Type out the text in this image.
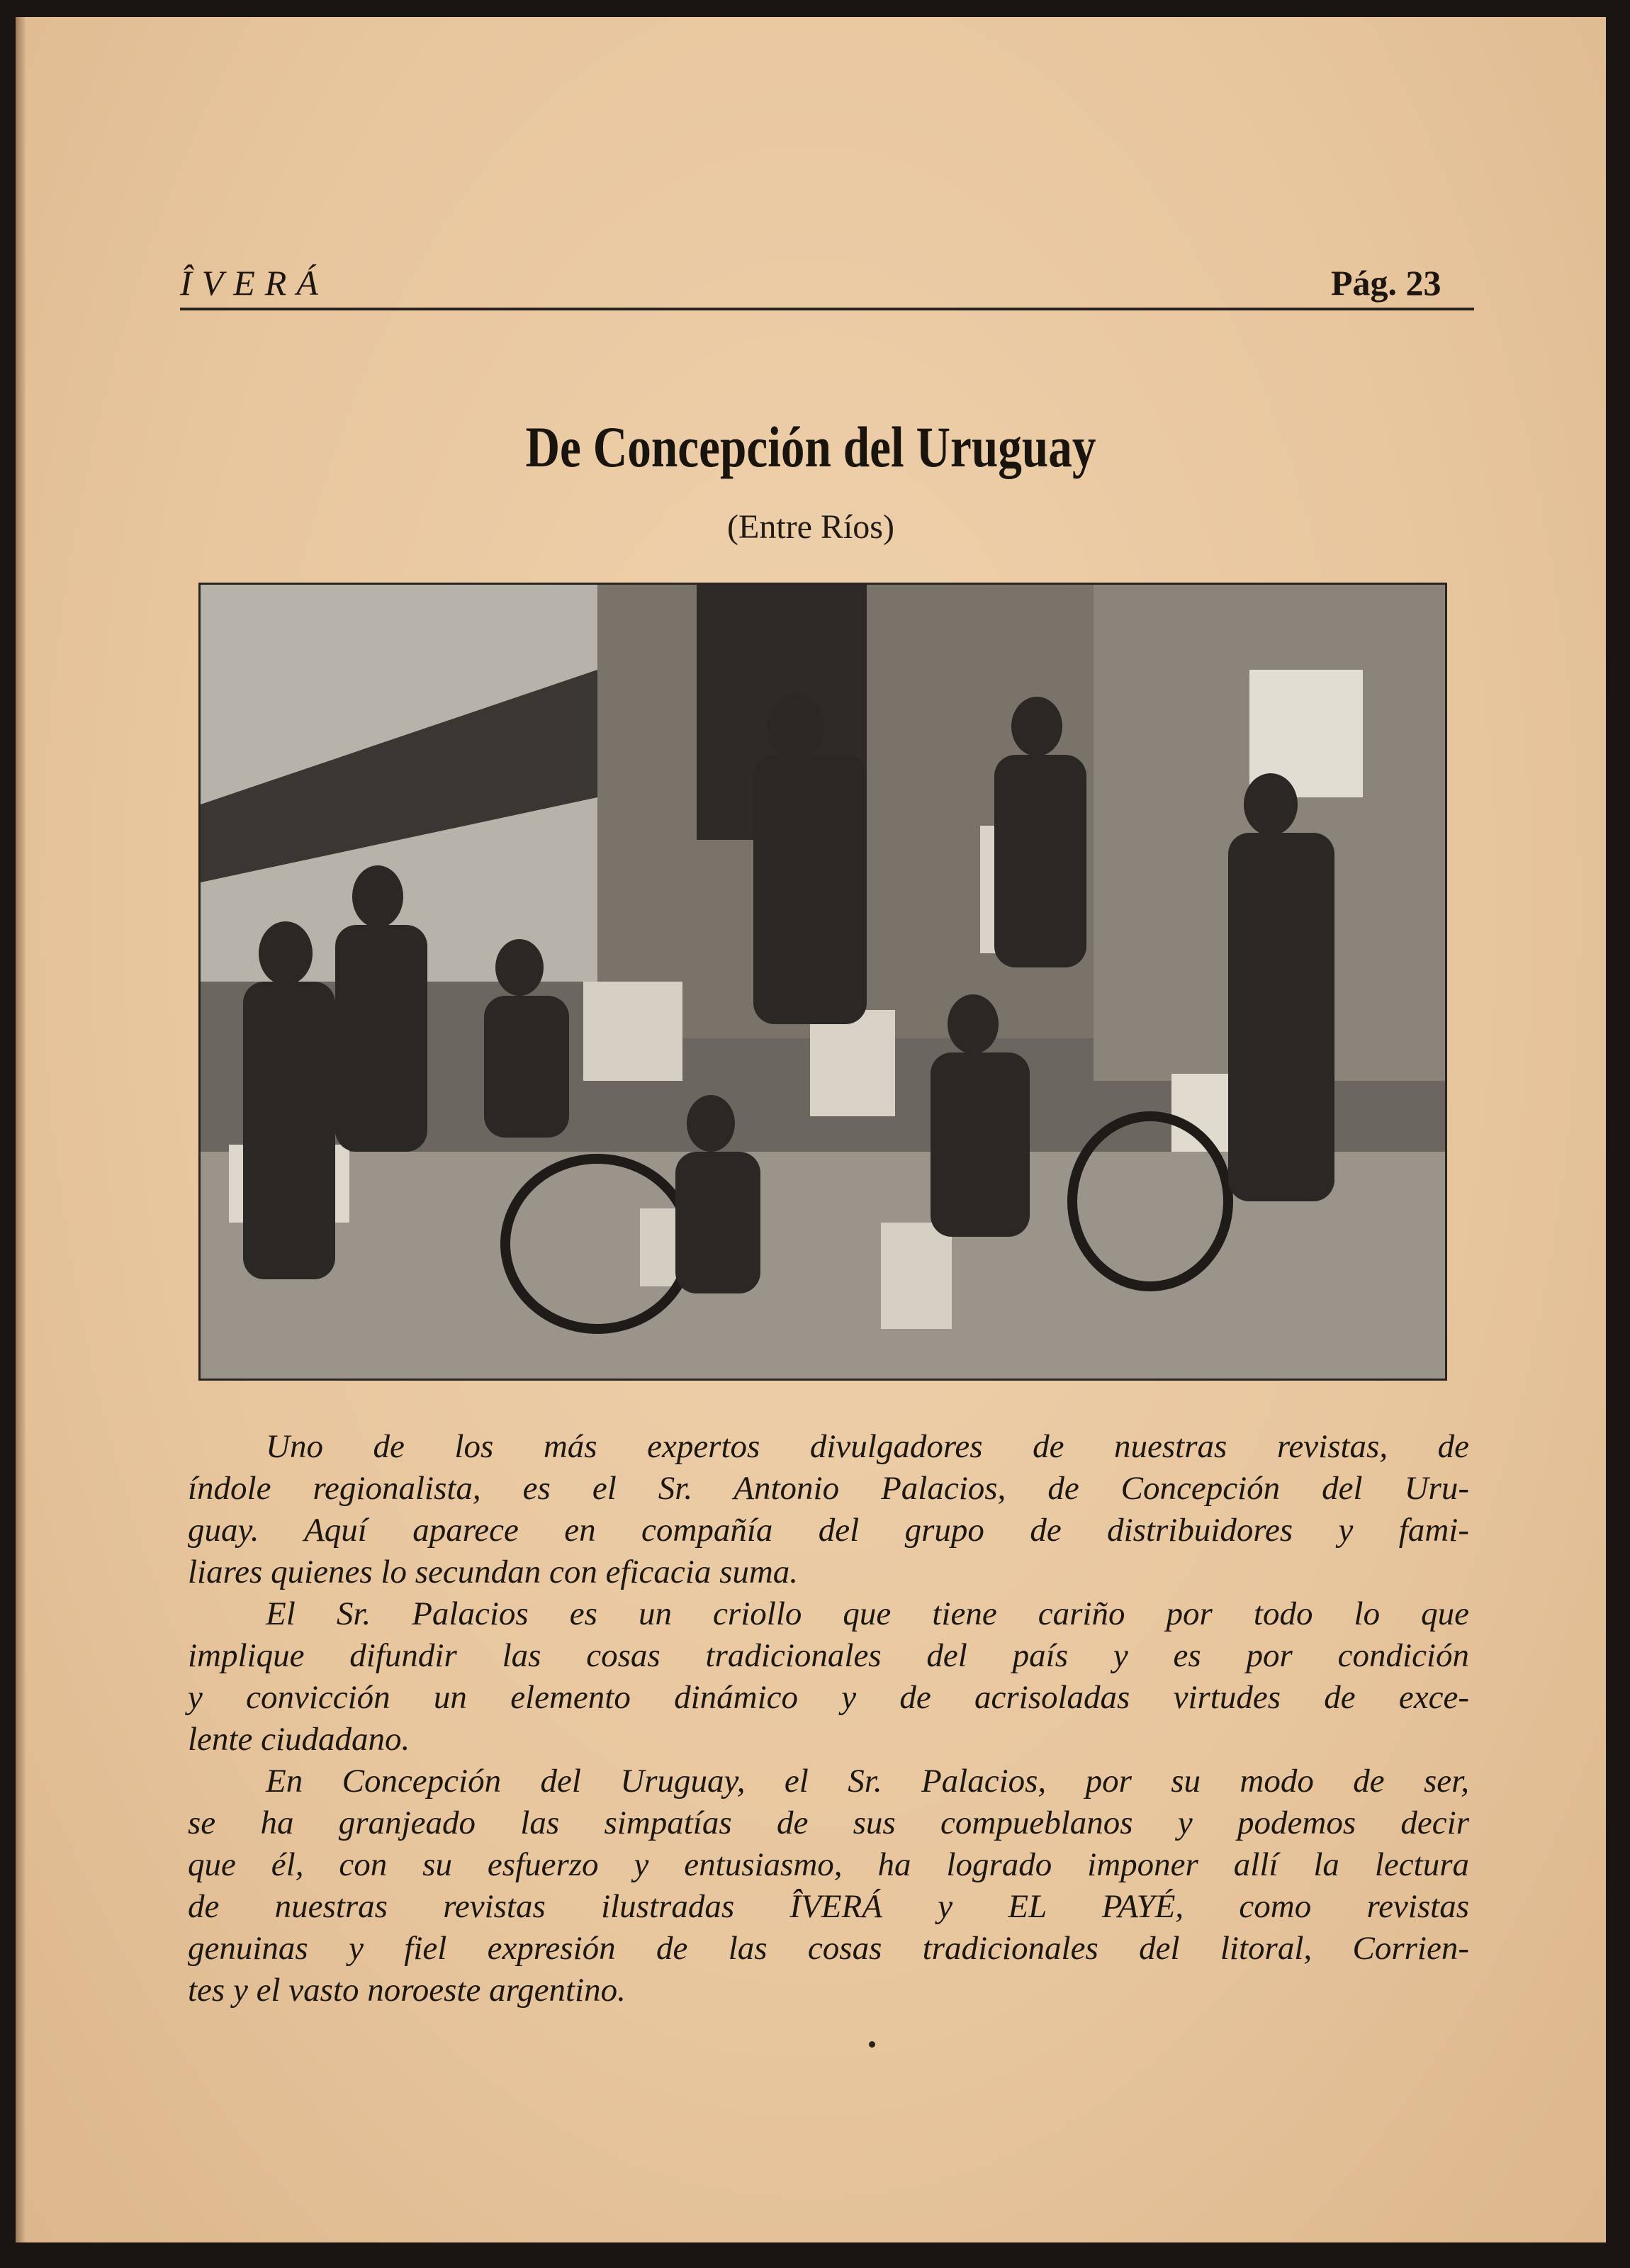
ÎVERÁ	Pág. 23
De Concepción del Uruguay
(Entre Ríos)
Uno de los más expertos divulgadores de nuestras revistas, de
índole regionalista, es el Sr. Antonio Palacios, de Concepción del Uru-
guay. Aquí aparece en compañía del grupo de distribuidores y fami-
liares quienes lo secundan con eficacia suma.
El Sr. Palacios es un criollo que tiene cariño por todo lo que
implique difundir las cosas tradicionales del país y es por condición
y convicción un elemento dinámico y de acrisoladas virtudes de exce-
lente ciudadano.
En Concepción del Uruguay, el Sr. Palacios, por su modo de ser,
se ha granjeado las simpatías de sus compueblanos y podemos decir
que él, con su esfuerzo y entusiasmo, ha logrado imponer allí la lectura
de nuestras revistas ilustradas ÎVERÁ y EL PAYÉ, como revistas
genuinas y fiel expresión de las cosas tradicionales del litoral, Corrien-
tes y el vasto noroeste argentino.
